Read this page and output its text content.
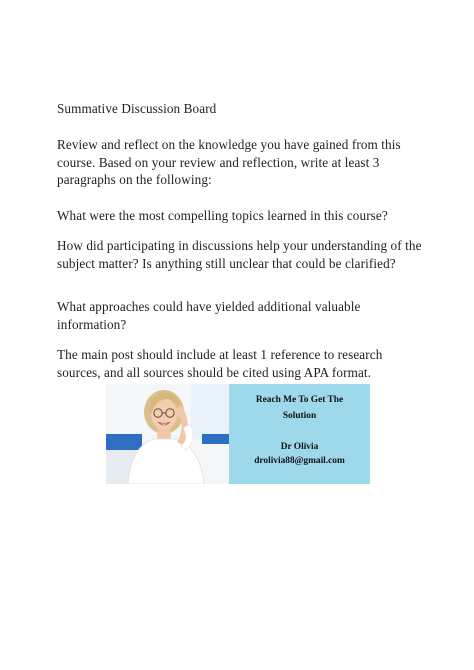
Summative Discussion Board
Review and reflect on the knowledge you have gained from this course. Based on your review and reflection, write at least 3 paragraphs on the following:
What were the most compelling topics learned in this course?
How did participating in discussions help your understanding of the subject matter? Is anything still unclear that could be clarified?
What approaches could have yielded additional valuable information?
The main post should include at least 1 reference to research sources, and all sources should be cited using APA format.
Reach Me To Get The
Solution
Dr Olivia
drolivia88@gmail.com
